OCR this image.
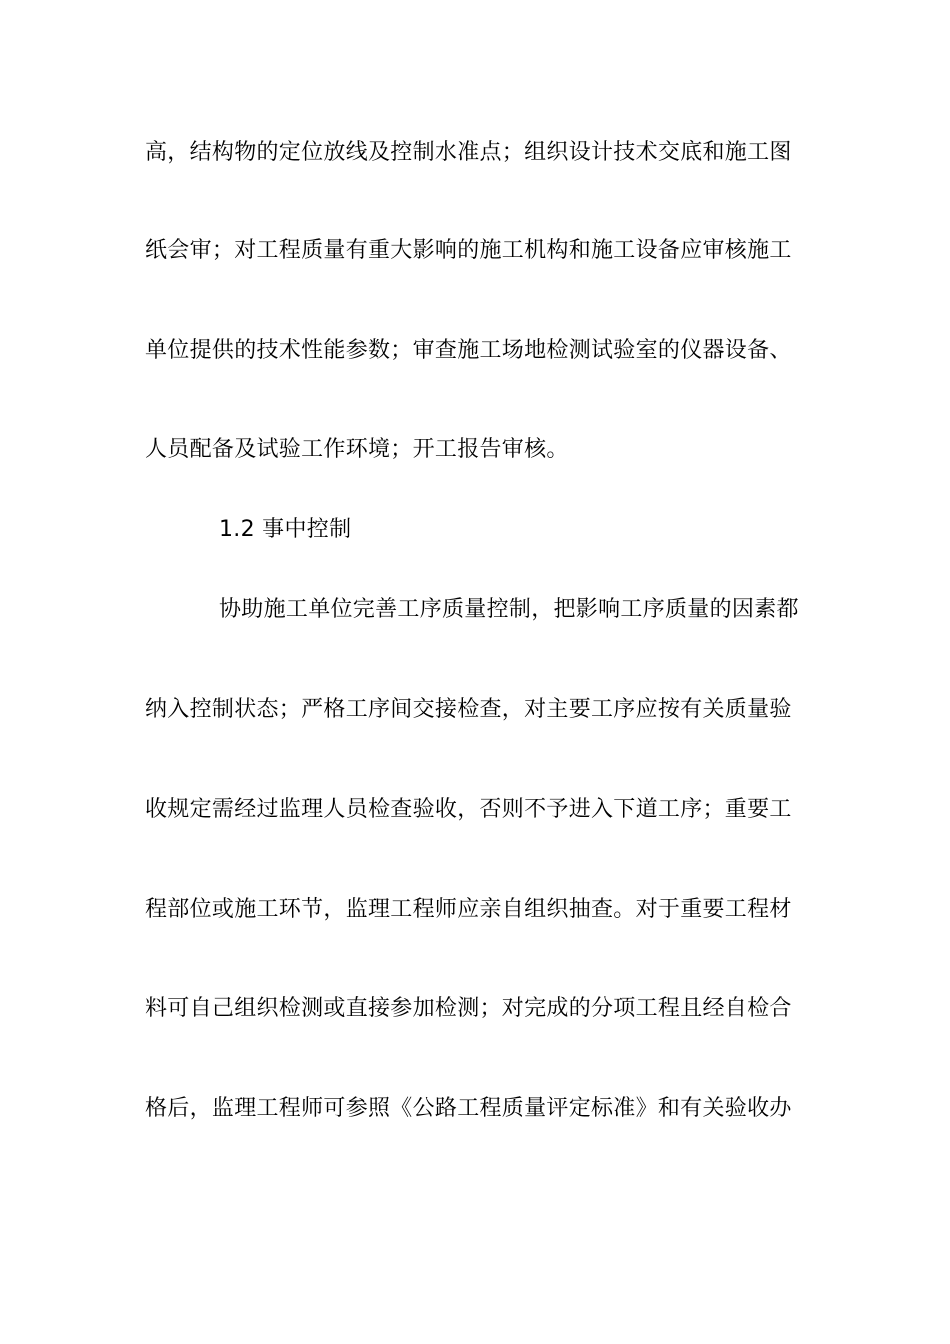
高，结构物的定位放线及控制水准点；组织设计技术交底和施工图
纸会审；对工程质量有重大影响的施工机构和施工设备应审核施工
单位提供的技术性能参数；审查施工场地检测试验室的仪器设备、
人员配备及试验工作环境；开工报告审核。
1.2 事中控制
协助施工单位完善工序质量控制，把影响工序质量的因素都
纳入控制状态；严格工序间交接检查，对主要工序应按有关质量验
收规定需经过监理人员检查验收，否则不予进入下道工序；重要工
程部位或施工环节，监理工程师应亲自组织抽查。对于重要工程材
料可自己组织检测或直接参加检测；对完成的分项工程且经自检合
格后，监理工程师可参照《公路工程质量评定标准》和有关验收办
